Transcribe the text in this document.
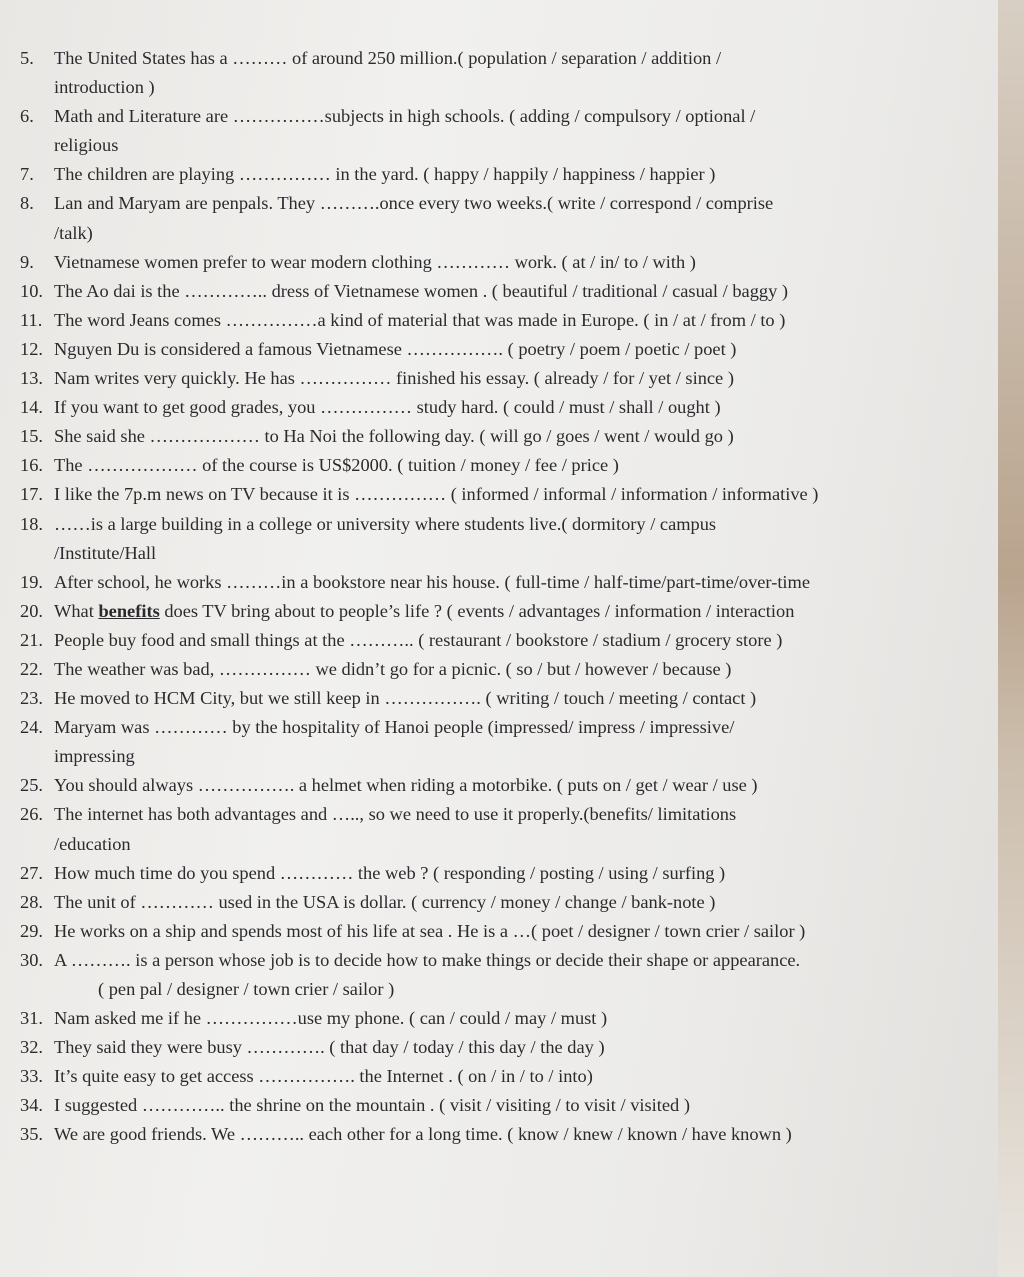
5.	The United States has a ……… of around 250 million.( population / separation / addition /
introduction )
6.	Math and Literature are ……………subjects in high schools. ( adding / compulsory / optional /
religious
7.	The children are playing …………… in the yard. ( happy / happily / happiness / happier )
8.	Lan and Maryam are penpals. They ……….once every two weeks.( write / correspond / comprise
/talk)
9.	Vietnamese women prefer to wear modern clothing ………… work. ( at / in/ to / with )
10. The Ao dai is the ………….. dress of Vietnamese women . ( beautiful / traditional / casual / baggy )
11. The word Jeans comes ……………a kind of material that was made in Europe. ( in / at / from / to )
12. Nguyen Du is considered a famous Vietnamese ……………. ( poetry / poem / poetic / poet )
13. Nam writes very quickly. He has …………… finished his essay. ( already / for / yet / since )
14. If you want to get good grades, you …………… study hard. ( could / must / shall / ought )
15. She said she ……………… to Ha Noi the following day. ( will go / goes / went / would go )
16. The ……………… of the course is US$2000. ( tuition / money / fee / price )
17. I like the 7p.m news on TV because it is …………… ( informed / informal / information / informative )
18. ……is a large building in a college or university where students live.( dormitory / campus
/Institute/Hall
19. After school, he works ………in a bookstore near his house. ( full-time / half-time/part-time/over-time
20. What benefits does TV bring about to people’s life ? ( events / advantages / information / interaction
21. People buy food and small things at the ……….. ( restaurant / bookstore / stadium / grocery store )
22. The weather was bad, …………… we didn’t go for a picnic. ( so / but / however / because )
23. He moved to HCM City, but we still keep in ……………. ( writing / touch / meeting / contact )
24. Maryam was ………… by the hospitality of Hanoi people (impressed/ impress / impressive/
impressing
25. You should always ……………. a helmet when riding a motorbike. ( puts on / get / wear / use )
26. The internet has both advantages and ….., so we need to use it properly.(benefits/ limitations
/education
27. How much time do you spend ………… the web ? ( responding / posting / using / surfing )
28. The unit of ………… used in the USA is dollar. ( currency / money / change / bank-note )
29. He works on a ship and spends most of his life at sea . He is a …( poet / designer / town crier / sailor )
30. A ………. is a person whose job is to decide how to make things or decide their shape or appearance.
( pen pal / designer / town crier / sailor )
31. Nam asked me if he ……………use my phone. ( can / could / may / must )
32. They said they were busy …………. ( that day / today / this day / the day )
33. It’s quite easy to get access ……………. the Internet . ( on / in / to / into)
34. I suggested ………….. the shrine on the mountain . ( visit / visiting / to visit / visited )
35. We are good friends. We ……….. each other for a long time. ( know / knew / known / have known )
